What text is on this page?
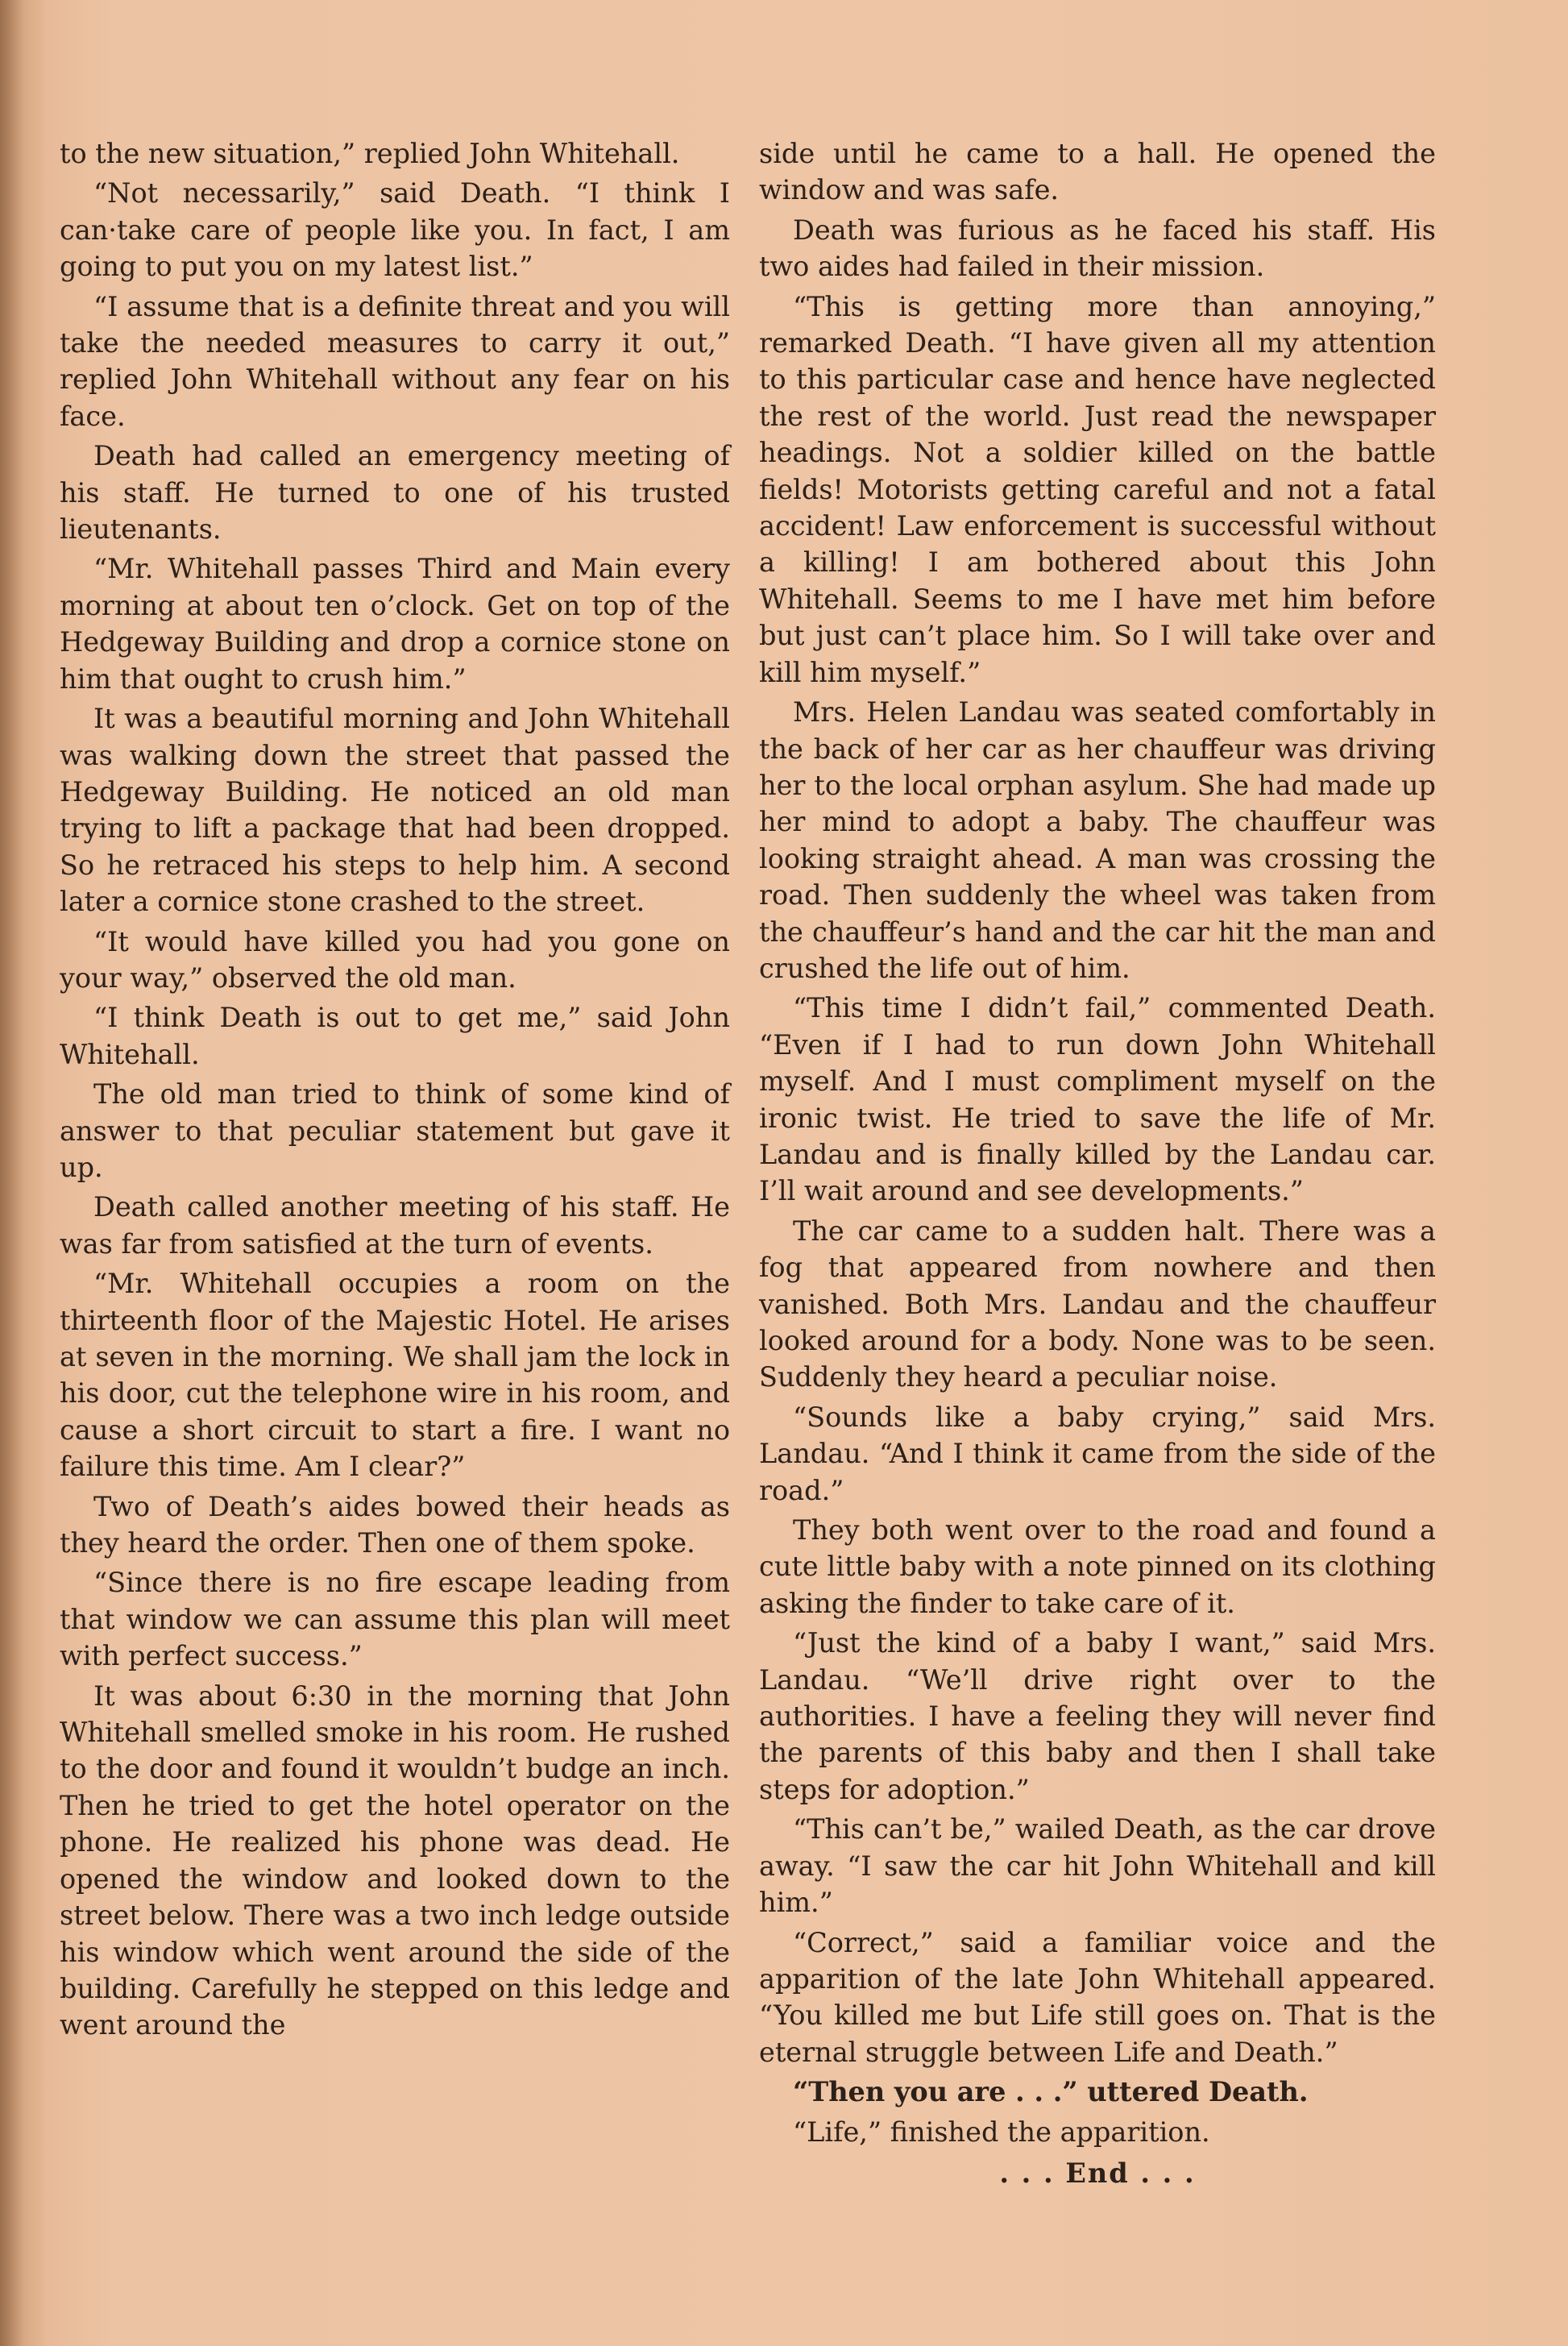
to the new situation,” replied John Whitehall.

“Not necessarily,” said Death. “I think I can·take care of people like you. In fact, I am going to put you on my latest list.”

“I assume that is a definite threat and you will take the needed measures to carry it out,” replied John Whitehall without any fear on his face.

Death had called an emergency meeting of his staff. He turned to one of his trusted lieutenants.

“Mr. Whitehall passes Third and Main every morning at about ten o’clock. Get on top of the Hedgeway Building and drop a cornice stone on him that ought to crush him.”

It was a beautiful morning and John Whitehall was walking down the street that passed the Hedgeway Building. He noticed an old man trying to lift a package that had been dropped. So he retraced his steps to help him. A second later a cornice stone crashed to the street.

“It would have killed you had you gone on your way,” observed the old man.

“I think Death is out to get me,” said John Whitehall.

The old man tried to think of some kind of answer to that peculiar statement but gave it up.

Death called another meeting of his staff. He was far from satisfied at the turn of events.

“Mr. Whitehall occupies a room on the thirteenth floor of the Majestic Hotel. He arises at seven in the morning. We shall jam the lock in his door, cut the telephone wire in his room, and cause a short circuit to start a fire. I want no failure this time. Am I clear?”

Two of Death’s aides bowed their heads as they heard the order. Then one of them spoke.

“Since there is no fire escape leading from that window we can assume this plan will meet with perfect success.”

It was about 6:30 in the morning that John Whitehall smelled smoke in his room. He rushed to the door and found it wouldn’t budge an inch. Then he tried to get the hotel operator on the phone. He realized his phone was dead. He opened the window and looked down to the street below. There was a two inch ledge outside his window which went around the side of the building. Carefully he stepped on this ledge and went around the

side until he came to a hall. He opened the window and was safe.

Death was furious as he faced his staff. His two aides had failed in their mission.

“This is getting more than annoying,” remarked Death. “I have given all my attention to this particular case and hence have neglected the rest of the world. Just read the newspaper headings. Not a soldier killed on the battle fields! Motorists getting careful and not a fatal accident! Law enforcement is successful without a killing! I am bothered about this John Whitehall. Seems to me I have met him before but just can’t place him. So I will take over and kill him myself.”

Mrs. Helen Landau was seated comfortably in the back of her car as her chauffeur was driving her to the local orphan asylum. She had made up her mind to adopt a baby. The chauffeur was looking straight ahead. A man was crossing the road. Then suddenly the wheel was taken from the chauffeur’s hand and the car hit the man and crushed the life out of him.

“This time I didn’t fail,” commented Death. “Even if I had to run down John Whitehall myself. And I must compliment myself on the ironic twist. He tried to save the life of Mr. Landau and is finally killed by the Landau car. I’ll wait around and see developments.”

The car came to a sudden halt. There was a fog that appeared from nowhere and then vanished. Both Mrs. Landau and the chauffeur looked around for a body. None was to be seen. Suddenly they heard a peculiar noise.

“Sounds like a baby crying,” said Mrs. Landau. “And I think it came from the side of the road.”

They both went over to the road and found a cute little baby with a note pinned on its clothing asking the finder to take care of it.

“Just the kind of a baby I want,” said Mrs. Landau. “We’ll drive right over to the authorities. I have a feeling they will never find the parents of this baby and then I shall take steps for adoption.”

“This can’t be,” wailed Death, as the car drove away. “I saw the car hit John Whitehall and kill him.”

“Correct,” said a familiar voice and the apparition of the late John Whitehall appeared. “You killed me but Life still goes on. That is the eternal struggle between Life and Death.”

“Then you are . . .” uttered Death.

“Life,” finished the apparition.

. . . End . . .
